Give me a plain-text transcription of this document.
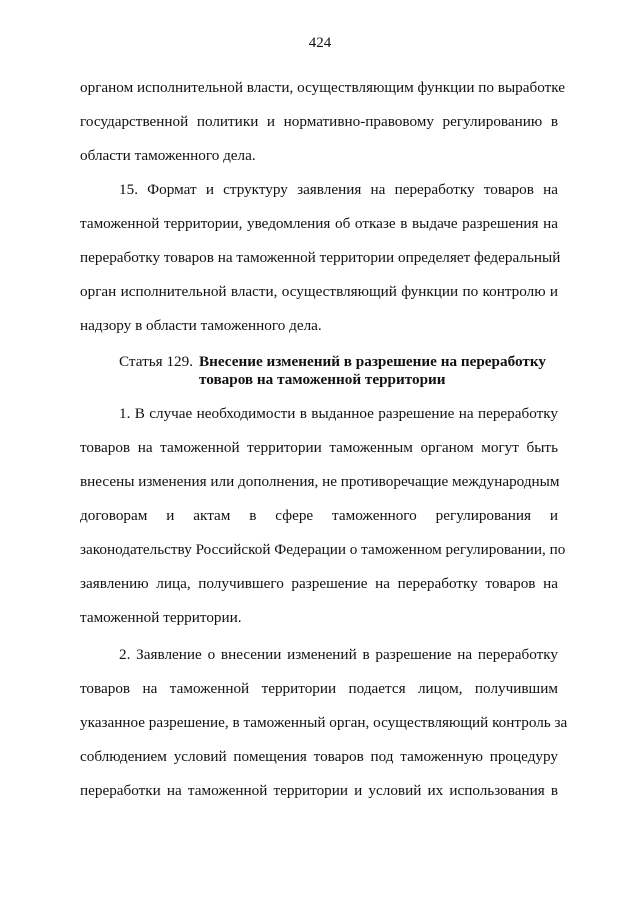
424
органом исполнительной власти, осуществляющим функции по выработке
государственной политики и нормативно-правовому регулированию в
области таможенного дела.
15. Формат и структуру заявления на переработку товаров на
таможенной территории, уведомления об отказе в выдаче разрешения на
переработку товаров на таможенной территории определяет федеральный
орган исполнительной власти, осуществляющий функции по контролю и
надзору в области таможенного дела.
Статья 129. Внесение изменений в разрешение на переработку
товаров на таможенной территории
1. В случае необходимости в выданное разрешение на переработку
товаров на таможенной территории таможенным органом могут быть
внесены изменения или дополнения, не противоречащие международным
договорам и актам в сфере таможенного регулирования и
законодательству Российской Федерации о таможенном регулировании, по
заявлению лица, получившего разрешение на переработку товаров на
таможенной территории.
2. Заявление о внесении изменений в разрешение на переработку
товаров на таможенной территории подается лицом, получившим
указанное разрешение, в таможенный орган, осуществляющий контроль за
соблюдением условий помещения товаров под таможенную процедуру
переработки на таможенной территории и условий их использования в
